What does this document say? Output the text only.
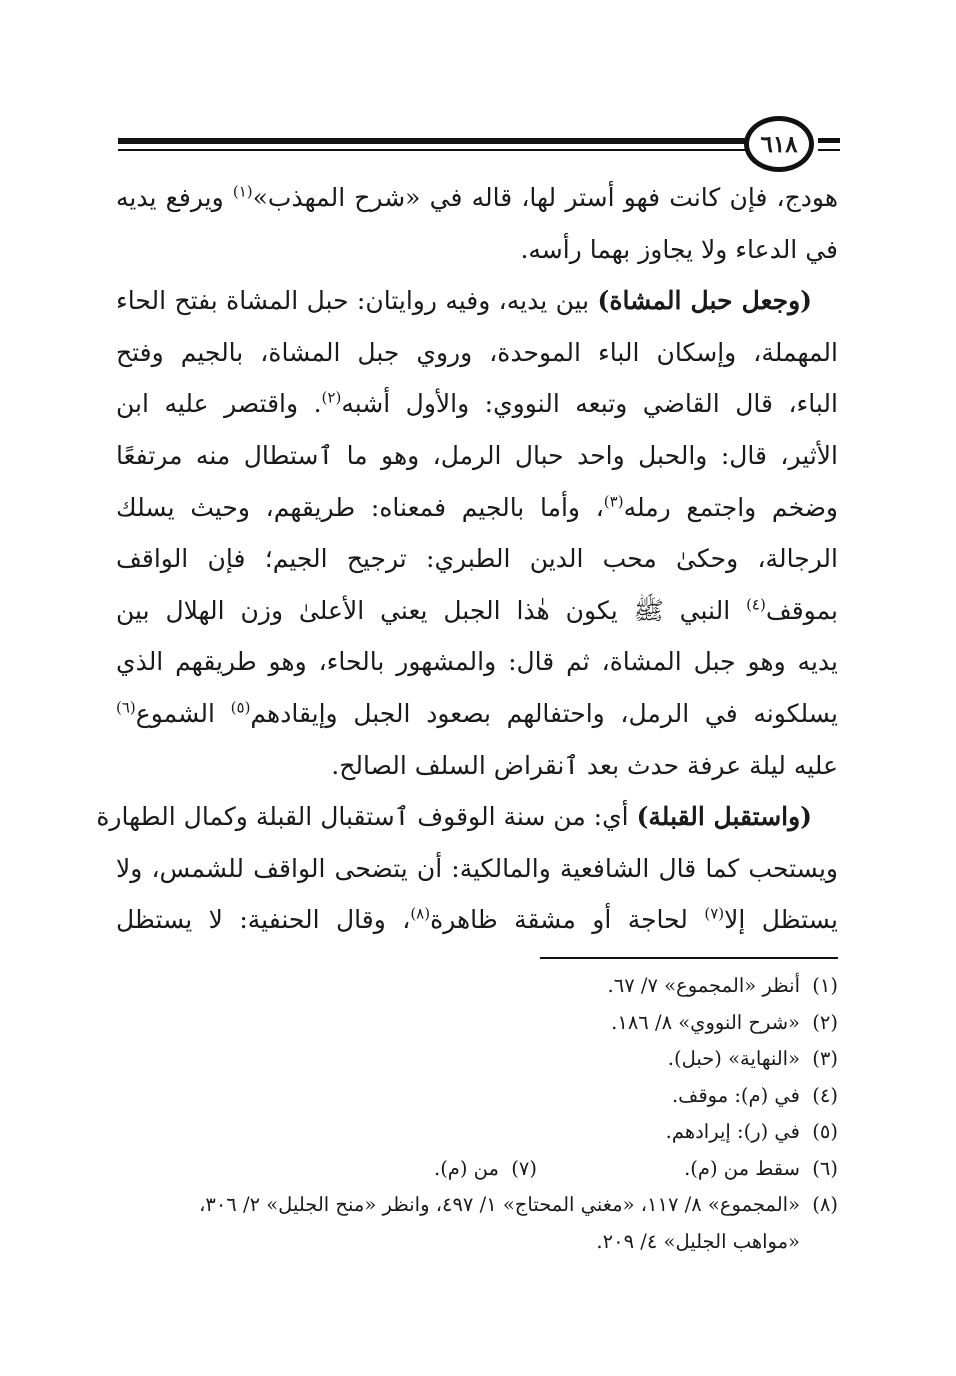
٦١٨

هودج، فإن كانت فهو أستر لها، قاله في «شرح المهذب»$^{(١)}$ ويرفع يديه
في الدعاء ولا يجاوز بهما رأسه.

(وجعل حبل المشاة) بين يديه، وفيه روايتان: حبل المشاة بفتح الحاء

المهملة، وإسكان الباء الموحدة، وروي جبل المشاة، بالجيم وفتح
الباء، قال القاضي وتبعه النووي: والأول أشبه$^{(٢)}$. واقتصر عليه ابن
الأثير، قال: والحبل واحد حبال الرمل، وهو ما ٱستطال منه مرتفعًا
وضخم واجتمع رمله$^{(٣)}$، وأما بالجيم فمعناه: طريقهم، وحيث يسلك
الرجالة، وحكىٰ محب الدين الطبري: ترجيح الجيم؛ فإن الواقف
بموقف$^{(٤)}$ النبي ﷺ يكون هٰذا الجبل يعني الأعلىٰ وزن الهلال بين
يديه وهو جبل المشاة، ثم قال: والمشهور بالحاء، وهو طريقهم الذي
يسلكونه في الرمل، واحتفالهم بصعود الجبل وإيقادهم$^{(٥)}$ الشموع$^{(٦)}$
عليه ليلة عرفة حدث بعد ٱنقراض السلف الصالح.

(واستقبل القبلة) أي: من سنة الوقوف ٱستقبال القبلة وكمال الطهارة

ويستحب كما قال الشافعية والمالكية: أن يتضحى الواقف للشمس، ولا
يستظل إلا$^{(٧)}$ لحاجة أو مشقة ظاهرة$^{(٨)}$، وقال الحنفية: لا يستظل

(١)
أنظر «المجموع» ٧/ ٦٧.
(٢)
«شرح النووي» ٨/ ١٨٦.
(٣)
«النهاية» (حبل).
(٤)
في (م): موقف.
(٥)
في (ر): إيرادهم.
(٦)
سقط من (م).
(٧)
من (م).
(٨)
«المجموع» ٨/ ١١٧، «مغني المحتاج» ١/ ٤٩٧، وانظر «منح الجليل» ٢/ ٣٠٦،
«مواهب الجليل» ٤/ ٢٠٩.
